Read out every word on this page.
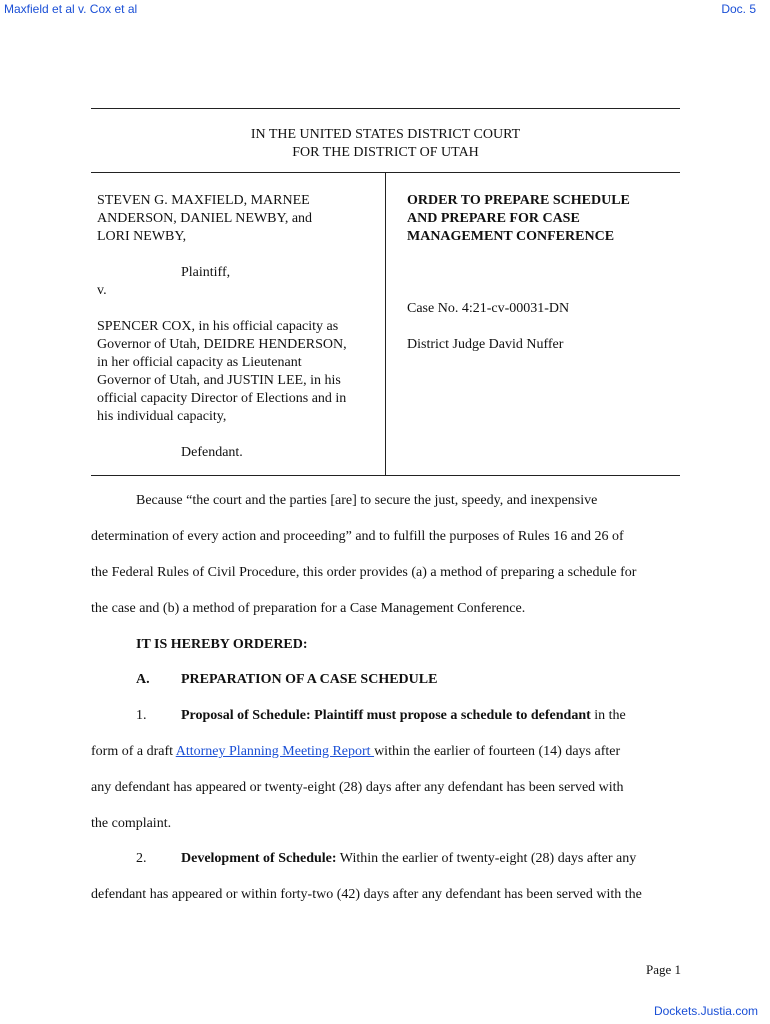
Maxfield et al v. Cox et al	Doc. 5
IN THE UNITED STATES DISTRICT COURT
FOR THE DISTRICT OF UTAH
STEVEN G. MAXFIELD, MARNEE
ANDERSON, DANIEL NEWBY, and
LORI NEWBY,
Plaintiff,
v.
SPENCER COX, in his official capacity as
Governor of Utah, DEIDRE HENDERSON,
in her official capacity as Lieutenant
Governor of Utah, and JUSTIN LEE, in his
official capacity Director of Elections and in
his individual capacity,
Defendant.
ORDER TO PREPARE SCHEDULE
AND PREPARE FOR CASE
MANAGEMENT CONFERENCE
Case No. 4:21-cv-00031-DN
District Judge David Nuffer
Because “the court and the parties [are] to secure the just, speedy, and inexpensive
determination of every action and proceeding” and to fulfill the purposes of Rules 16 and 26 of
the Federal Rules of Civil Procedure, this order provides (a) a method of preparing a schedule for
the case and (b) a method of preparation for a Case Management Conference.
IT IS HEREBY ORDERED:
A. PREPARATION OF A CASE SCHEDULE
1. Proposal of Schedule: Plaintiff must propose a schedule to defendant in the
form of a draft Attorney Planning Meeting Report within the earlier of fourteen (14) days after
any defendant has appeared or twenty-eight (28) days after any defendant has been served with
the complaint.
2. Development of Schedule: Within the earlier of twenty-eight (28) days after any
defendant has appeared or within forty-two (42) days after any defendant has been served with the
Page 1
Dockets.Justia.com
